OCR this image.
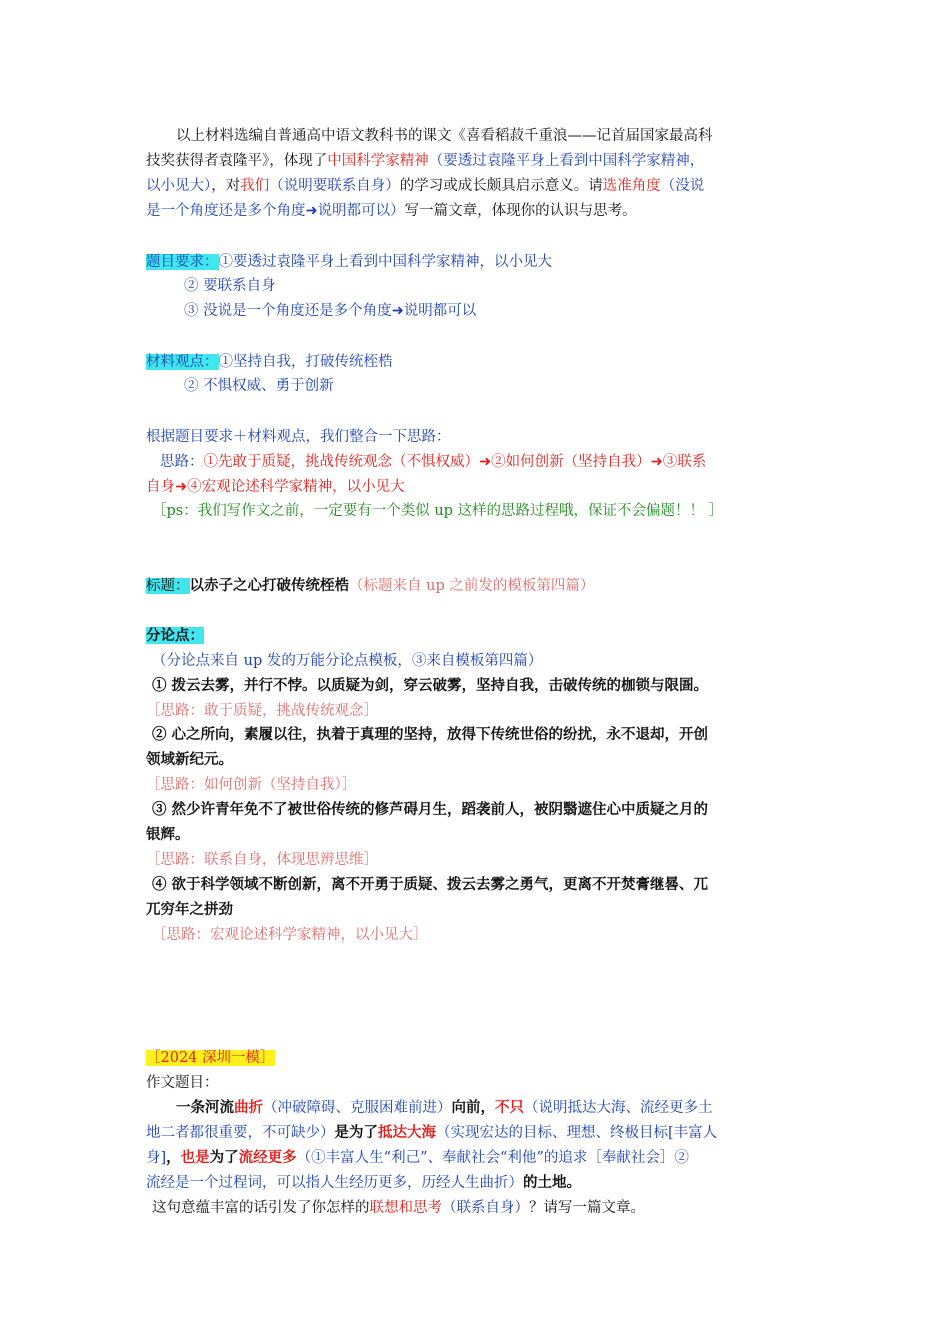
以上材料选编自普通高中语文教科书的课文《喜看稻菽千重浪——记首届国家最高科
技奖获得者袁隆平》，体现了中国科学家精神（要透过袁隆平身上看到中国科学家精神，
以小见大），对我们（说明要联系自身）的学习或成长颇具启示意义。请选准角度（没说
是一个角度还是多个角度➜说明都可以）写一篇文章，体现你的认识与思考。
题目要求：①要透过袁隆平身上看到中国科学家精神，以小见大
② 要联系自身
③ 没说是一个角度还是多个角度➜说明都可以
材料观点：①坚持自我，打破传统桎梏
② 不惧权威、勇于创新
根据题目要求＋材料观点，我们整合一下思路：
思路：①先敢于质疑，挑战传统观念（不惧权威）➜②如何创新（坚持自我）➜③联系
自身➜④宏观论述科学家精神，以小见大
［ps：我们写作文之前，一定要有一个类似 up 这样的思路过程哦，保证不会偏题！！ ］
标题：以赤子之心打破传统桎梏（标题来自 up 之前发的模板第四篇）
分论点：
（分论点来自 up 发的万能分论点模板，③来自模板第四篇）
① 拨云去雾，并行不悖。以质疑为剑，穿云破雾，坚持自我，击破传统的枷锁与限圄。
［思路：敢于质疑，挑战传统观念］
② 心之所向，素履以往，执着于真理的坚持，放得下传统世俗的纷扰，永不退却，开创
领域新纪元。
［思路：如何创新（坚持自我）］
③ 然少许青年免不了被世俗传统的修芦碍月生，蹈袭前人，被阴翳遮住心中质疑之月的
银辉。
［思路：联系自身，体现思辨思维］
④ 欲于科学领域不断创新，离不开勇于质疑、拨云去雾之勇气，更离不开焚膏继晷、兀
兀穷年之拼劲
［思路：宏观论述科学家精神，以小见大］
［2024 深圳一模］
作文题目：
一条河流曲折（冲破障碍、克服困难前进）向前，不只（说明抵达大海、流经更多土
地二者都很重要，不可缺少）是为了抵达大海（实现宏达的目标、理想、终极目标[丰富人
身]，也是为了流经更多（①丰富人生“利己”、奉献社会“利他”的追求［奉献社会］②
流经是一个过程词，可以指人生经历更多，历经人生曲折）的土地。
这句意蕴丰富的话引发了你怎样的联想和思考（联系自身）？请写一篇文章。
